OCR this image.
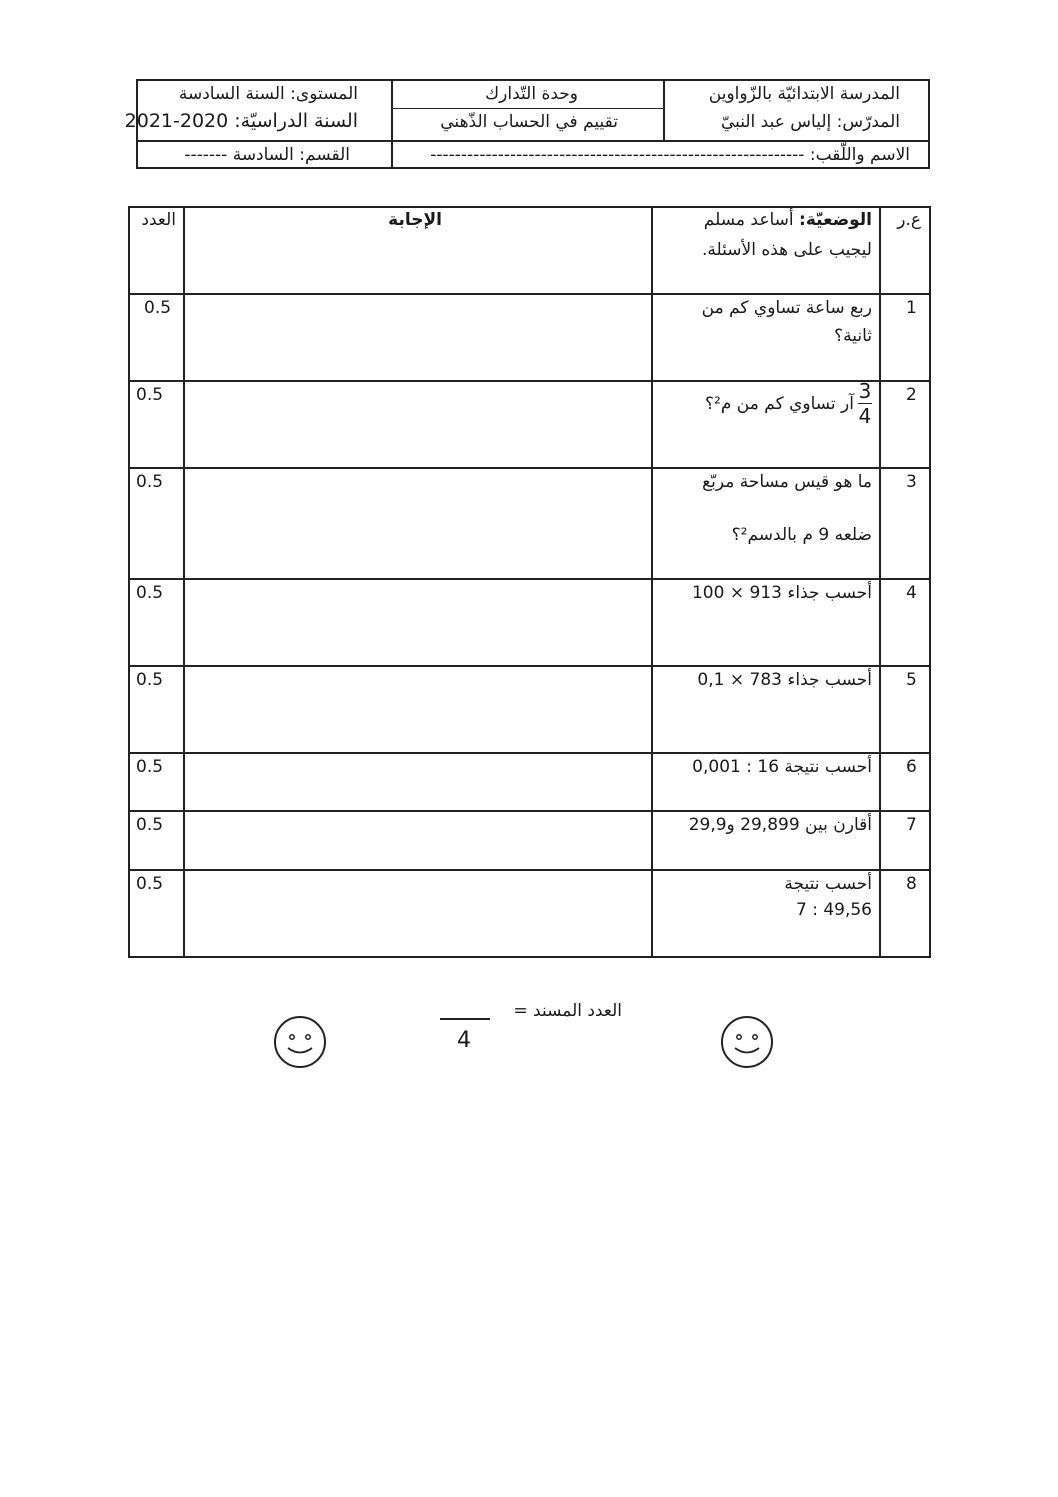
المدرسة الابتدائيّة بالزّواوين
المدرّس: إلياس عبد النبيّ
وحدة التّدارك
تقييم في الحساب الذّهني
المستوى: السنة السادسة
السنة الدراسيّة: 2020-2021
الاسم واللّقب: -------------------------------------------------------------
القسم: السادسة -------
ع.ر
الوضعيّة: أساعد مسلم
ليجيب على هذه الأسئلة.
الإجابة
العدد
1
ربع ساعة تساوي كم من
ثانية؟
0.5
2
$\frac{3}{4}$
آر تساوي كم من م²؟
0.5
3
ما هو قيس مساحة مربّع
ضلعه 9 م بالدسم²؟
0.5
4
أحسب جذاء 913 × 100
0.5
5
أحسب جذاء 783 × 0,1
0.5
6
أحسب نتيجة 16 : 0,001
0.5
7
أقارن بين 29,899 و29,9
0.5
8
أحسب نتيجة
7 : 49,56
0.5
العدد المسند =
4
